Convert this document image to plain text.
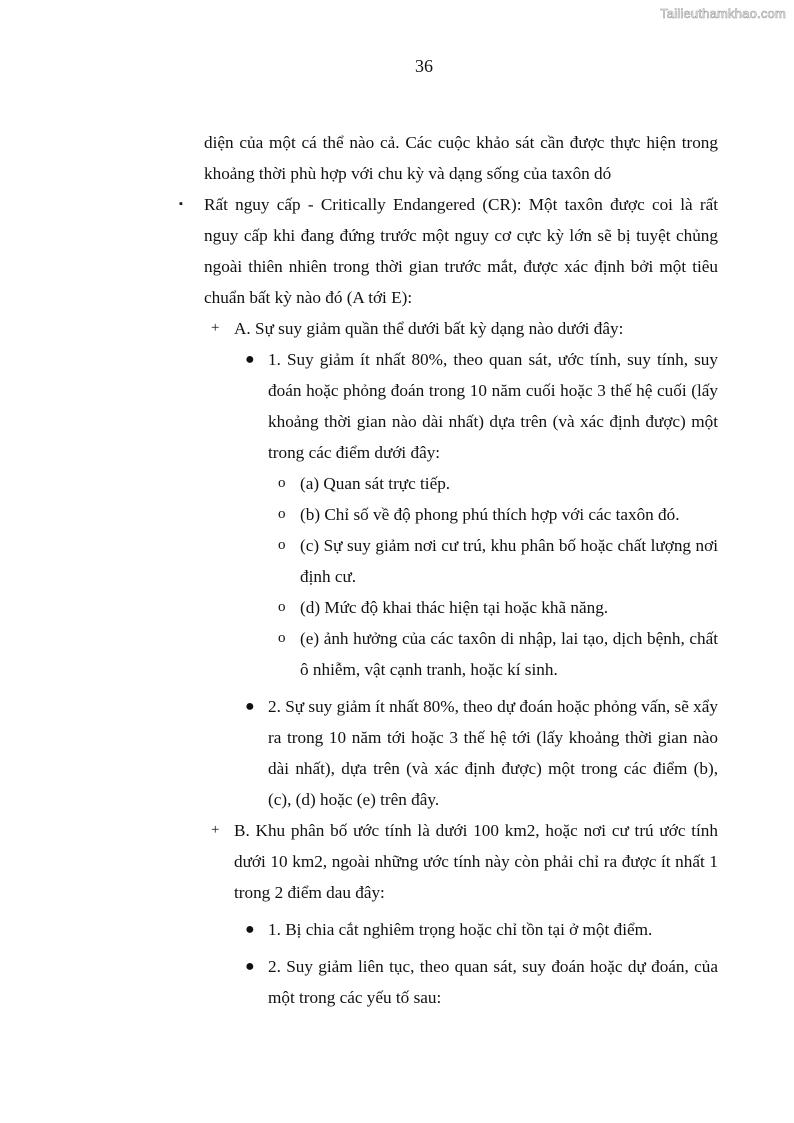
Tailieuthamkhao.com
36

diện của một cá thể nào cả. Các cuộc khảo sát cần được thực hiện trong khoảng thời phù hợp với chu kỳ và dạng sống của taxôn dó

▪ Rất nguy cấp - Critically Endangered (CR): Một taxôn được coi là rất nguy cấp khi đang đứng trước một nguy cơ cực kỳ lớn sẽ bị tuyệt chủng ngoài thiên nhiên trong thời gian trước mắt, được xác định bởi một tiêu chuẩn bất kỳ nào đó (A tới E):
+ A. Sự suy giảm quần thể dưới bất kỳ dạng nào dưới đây:
● 1. Suy giảm ít nhất 80%, theo quan sát, ước tính, suy tính, suy đoán hoặc phỏng đoán trong 10 năm cuối hoặc 3 thế hệ cuối (lấy khoảng thời gian nào dài nhất) dựa trên (và xác định được) một trong các điểm dưới đây:
o (a) Quan sát trực tiếp.
o (b) Chỉ số về độ phong phú thích hợp với các taxôn đó.
o (c) Sự suy giảm nơi cư trú, khu phân bố hoặc chất lượng nơi định cư.
o (d) Mức độ khai thác hiện tại hoặc khã năng.
o (e) ảnh hưởng của các taxôn di nhập, lai tạo, dịch bệnh, chất ô nhiễm, vật cạnh tranh, hoặc kí sinh.
● 2. Sự suy giảm ít nhất 80%, theo dự đoán hoặc phỏng vấn, sẽ xẩy ra trong 10 năm tới hoặc 3 thế hệ tới (lấy khoảng thời gian nào dài nhất), dựa trên (và xác định được) một trong các điểm (b), (c), (d) hoặc (e) trên đây.
+ B. Khu phân bố ước tính là dưới 100 km2, hoặc nơi cư trú ước tính dưới 10 km2, ngoài những ước tính này còn phải chỉ ra được ít nhất 1 trong 2 điểm dau đây:
● 1. Bị chia cắt nghiêm trọng hoặc chỉ tồn tại ở một điểm.
● 2. Suy giảm liên tục, theo quan sát, suy đoán hoặc dự đoán, của một trong các yếu tố sau:
